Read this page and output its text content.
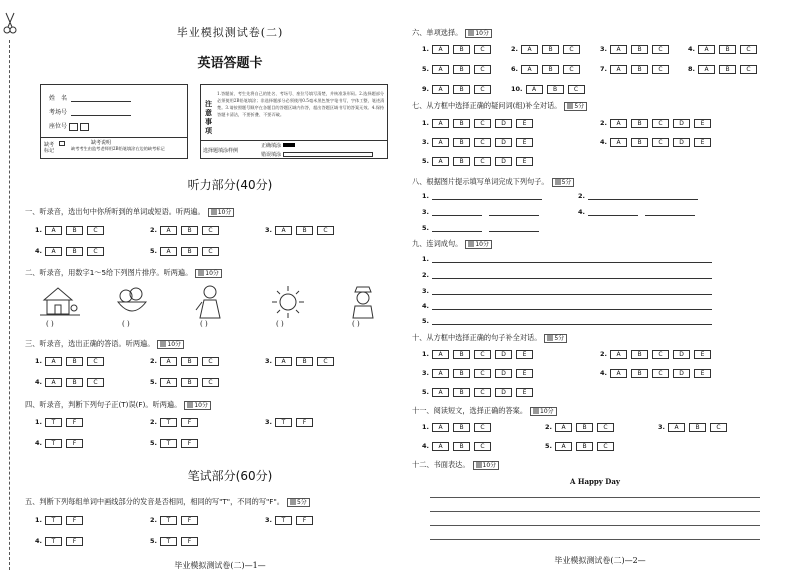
毕业模拟测试卷(二)
英语答题卡
姓　名
考场号
座位号
缺考标记
缺考说明
缺考考生由监考老师用2B铅笔填涂右边的缺考标记
注意事项
1.答题前，考生先将自己的姓名、考场号、座位号填写清楚，并核准条形码。2.选择题部分必须使用2B铅笔填涂；非选择题部分必须使用0.5毫米黑色签字笔书写，字体工整，笔迹清楚。3.请按照题号顺序在各题目的答题区域内作答，超出答题区域书写的答案无效。4.保持答题卡清洁，不要折叠、不要弄破。
选择题填涂样例
正确填涂
错误填涂
听力部分(40分)
一、听录音，选出句中你所听到的单词或短语。听两遍。 10分
1. A	B	C	2. A	B	C	3. A	B	C
4. A	B	C	5. A	B	C
二、听录音，用数字1～5给下列图片排序。听两遍。 10分
( )	( )	( )	( )	( )
三、听录音，选出正确的答语。听两遍。 10分
1. A	B	C	2. A	B	C	3. A	B	C
4. A	B	C	5. A	B	C
四、听录音，判断下列句子正(T)误(F)。听两遍。 10分
1. T	F	2. T	F	3. T	F
4. T	F	5. T	F
笔试部分(60分)
五、判断下列每组单词中画线部分的发音是否相同，相同的写"T"，不同的写"F"。 5分
1. T	F	2. T	F	3. T	F
4. T	F	5. T	F
毕业模拟测试卷(二)—1—
六、单项选择。 10分
1. A	B	C	2. A	B	C	3. A	B	C	4. A	B	C
5. A	B	C	6. A	B	C	7. A	B	C	8. A	B	C
9. A	B	C	10. A	B	C
七、从方框中选择正确的疑问词(组)补全对话。 5分
1. A	B	C	D	E	2. A	B	C	D	E
3. A	B	C	D	E	4. A	B	C	D	E
5. A	B	C	D	E
八、根据图片提示填写单词完成下列句子。 5分
1.	2.
3.	4.
5.
九、连词成句。 10分
1.
2.
3.
4.
5.
十、从方框中选择正确的句子补全对话。 5分
1. A	B	C	D	E	2. A	B	C	D	E
3. A	B	C	D	E	4. A	B	C	D	E
5. A	B	C	D	E
十一、阅读短文，选择正确的答案。 10分
1. A	B	C	2. A	B	C	3. A	B	C
4. A	B	C	5. A	B	C
十二、书面表达。 10分
A Happy Day
毕业模拟测试卷(二)—2—
